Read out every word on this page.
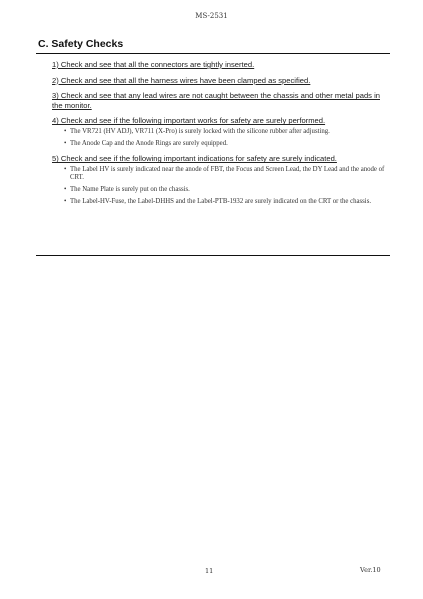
MS-2531
C. Safety Checks
1) Check and see that all the connectors are tightly inserted.
2) Check and see that all the harness wires have been clamped as specified.
3) Check and see that any lead wires are not caught between the chassis and other metal pads in the monitor.
4) Check and see if the following important works for safety are surely performed.
• The VR721 (HV ADJ), VR711 (X-Pro) is surely locked with the silicone rubber after adjusting.
• The Anode Cap and the Anode Rings are surely equipped.
5) Check and see if the following important indications for safety are surely indicated.
• The Label HV is surely indicated near the anode of FBT, the Focus and Screen Lead, the DY Lead and the anode of CRT.
• The Name Plate is surely put on the chassis.
• The Label-HV-Fuse, the Label-DHHS and the Label-PTB-1932 are surely indicated on the CRT or the chassis.
11	Ver.10
